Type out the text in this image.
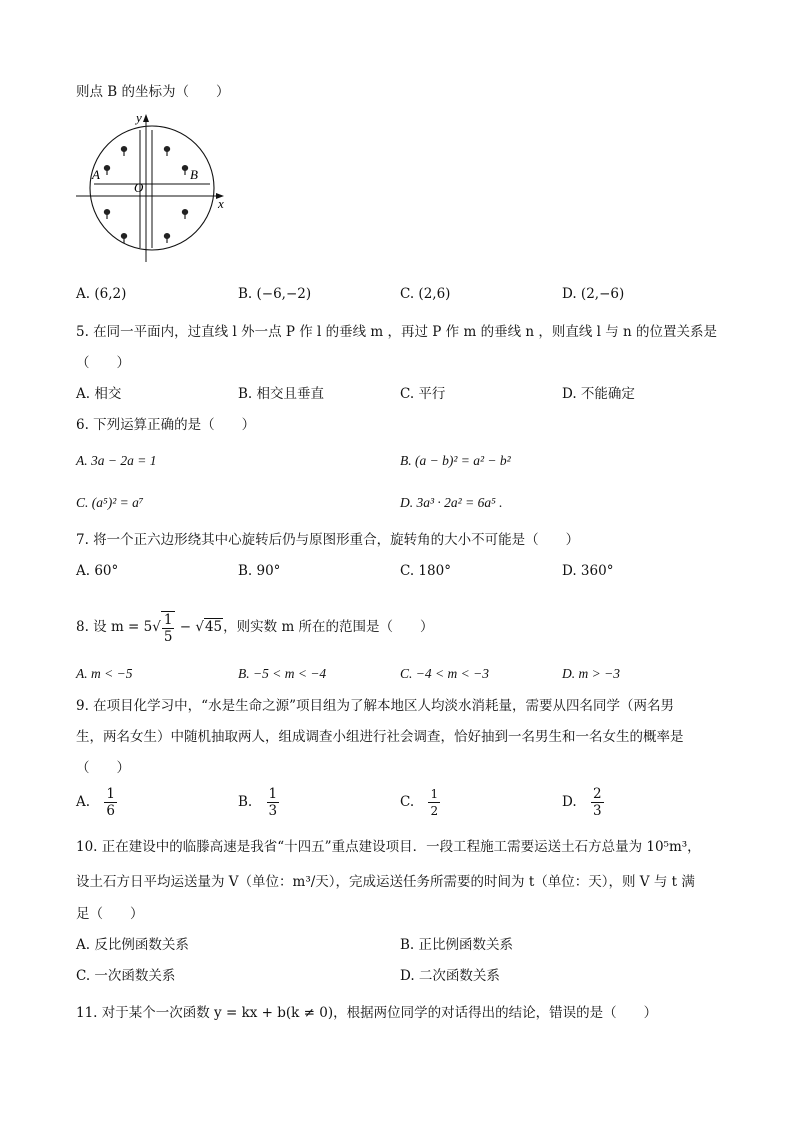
则点 B 的坐标为（　　）
y
x
O
A	B
A. (6,2)	B. (−6,−2)	C. (2,6)	D. (2,−6)
5. 在同一平面内，过直线 l 外一点 P 作 l 的垂线 m ，再过 P 作 m 的垂线 n ，则直线 l 与 n 的位置关系是
（　　）
A. 相交	B. 相交且垂直	C. 平行	D. 不能确定
6. 下列运算正确的是（　　）
A. 3a − 2a = 1	B. (a − b)² = a² − b²
C. (a⁵)² = a⁷	D. 3a³ · 2a² = 6a⁵ .
7. 将一个正六边形绕其中心旋转后仍与原图形重合，旋转角的大小不可能是（　　）
A. 60°	B. 90°	C. 180°	D. 360°
8. 设 $m = 5√ \frac{1}{5} - √45$，则实数 m 所在的范围是（　　）
A. m < −5	B. −5 < m < −4	C. −4 < m < −3	D. m > −3
9. 在项目化学习中，“水是生命之源”项目组为了解本地区人均淡水消耗量，需要从四名同学（两名男
生，两名女生）中随机抽取两人，组成调查小组进行社会调查，恰好抽到一名男生和一名女生的概率是
（　　）
A. $\frac{1}{6}$	B. $\frac{1}{3}$	C. $\frac{1}{2}$	D. $\frac{2}{3}$
10. 正在建设中的临滕高速是我省“十四五”重点建设项目．一段工程施工需要运送土石方总量为 10⁵m³，
设土石方日平均运送量为 V（单位：m³/天），完成运送任务所需要的时间为 t（单位：天），则 V 与 t 满
足（　　）
A. 反比例函数关系	B. 正比例函数关系
C. 一次函数关系	D. 二次函数关系
11. 对于某个一次函数 y = kx + b(k ≠ 0)，根据两位同学的对话得出的结论，错误的是（　　）
